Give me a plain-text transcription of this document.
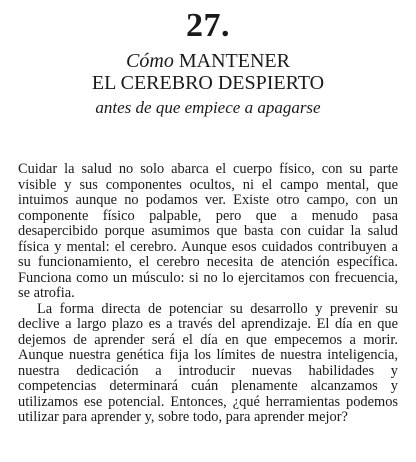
27.
Cómo MANTENER
EL CEREBRO DESPIERTO
antes de que empiece a apagarse

Cuidar la salud no solo abarca el cuerpo físico, con su parte visible y sus componentes ocultos, ni el campo mental, que intuimos aunque no podamos ver. Existe otro campo, con un componente físico palpable, pero que a menudo pasa desapercibido porque asumimos que basta con cuidar la salud física y mental: el cerebro. Aunque esos cuidados contribuyen a su funcionamiento, el cerebro necesita de atención específica. Funciona como un músculo: si no lo ejercitamos con frecuencia, se atrofia.

La forma directa de potenciar su desarrollo y prevenir su declive a largo plazo es a través del aprendizaje. El día en que dejemos de aprender será el día en que empecemos a morir. Aunque nuestra genética fija los límites de nuestra inteligencia, nuestra dedicación a introducir nuevas habilidades y competencias determinará cuán plenamente alcanzamos y utilizamos ese potencial. Entonces, ¿qué herramientas podemos utilizar para aprender y, sobre todo, para aprender mejor?
